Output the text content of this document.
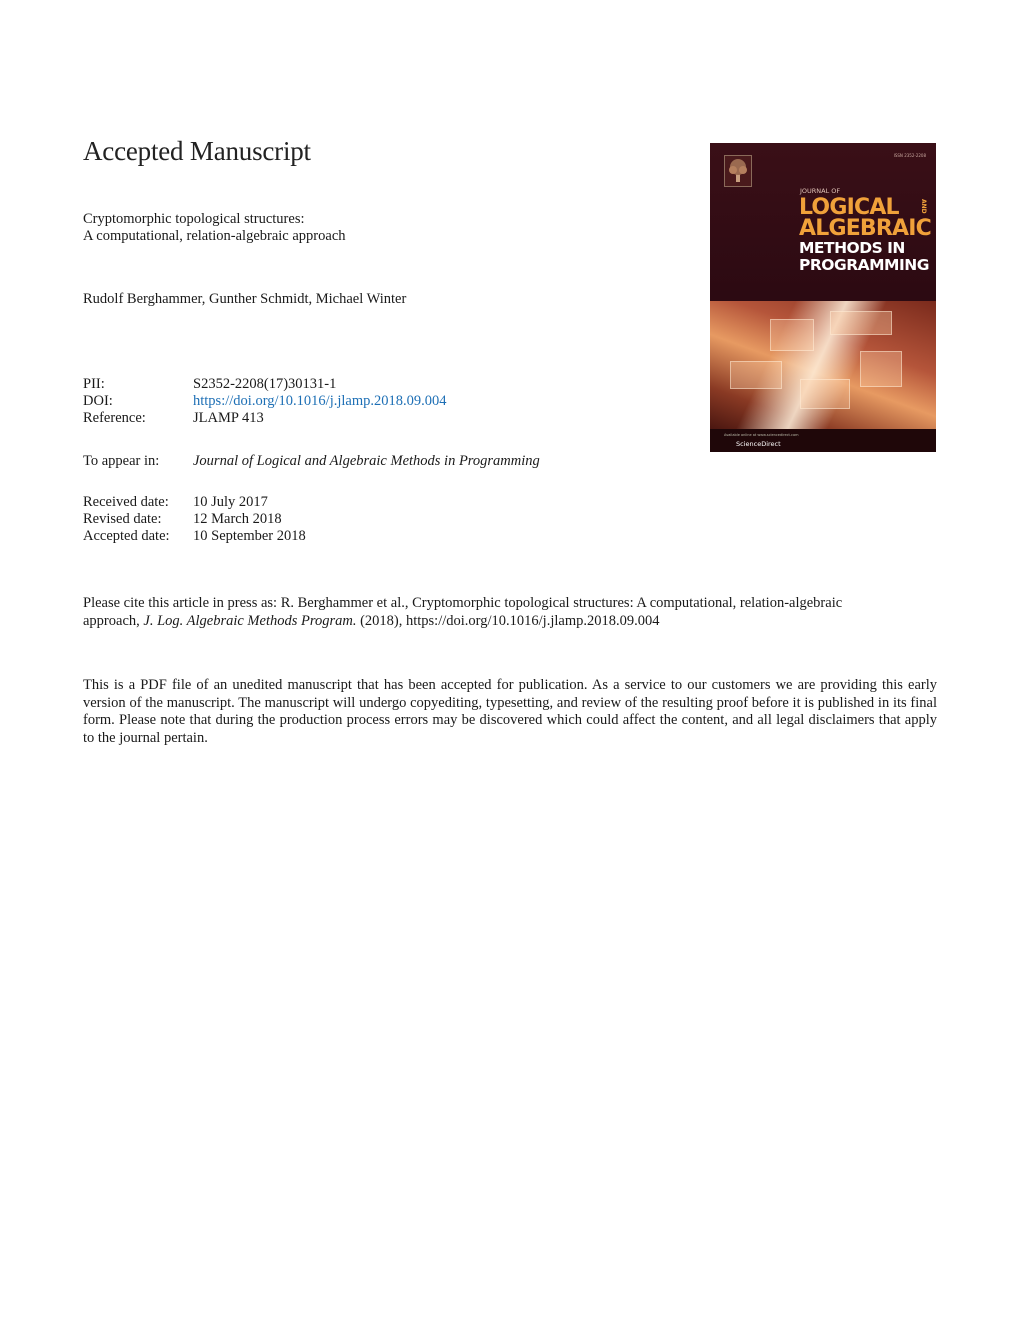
Accepted Manuscript
Cryptomorphic topological structures:
A computational, relation-algebraic approach
Rudolf Berghammer, Gunther Schmidt, Michael Winter
PII:	S2352-2208(17)30131-1
DOI:	https://doi.org/10.1016/j.jlamp.2018.09.004
Reference:	JLAMP 413
To appear in:	Journal of Logical and Algebraic Methods in Programming
Received date:	10 July 2017
Revised date:	12 March 2018
Accepted date:	10 September 2018
Please cite this article in press as: R. Berghammer et al., Cryptomorphic topological structures: A computational, relation-algebraic approach, J. Log. Algebraic Methods Program. (2018), https://doi.org/10.1016/j.jlamp.2018.09.004
This is a PDF file of an unedited manuscript that has been accepted for publication. As a service to our customers we are providing this early version of the manuscript. The manuscript will undergo copyediting, typesetting, and review of the resulting proof before it is published in its final form. Please note that during the production process errors may be discovered which could affect the content, and all legal disclaimers that apply to the journal pertain.
ISSN 2352-2208
JOURNAL OF
LOGICAL	AND
ALGEBRAIC
METHODS IN
PROGRAMMING
Available online at www.sciencedirect.com
ScienceDirect
